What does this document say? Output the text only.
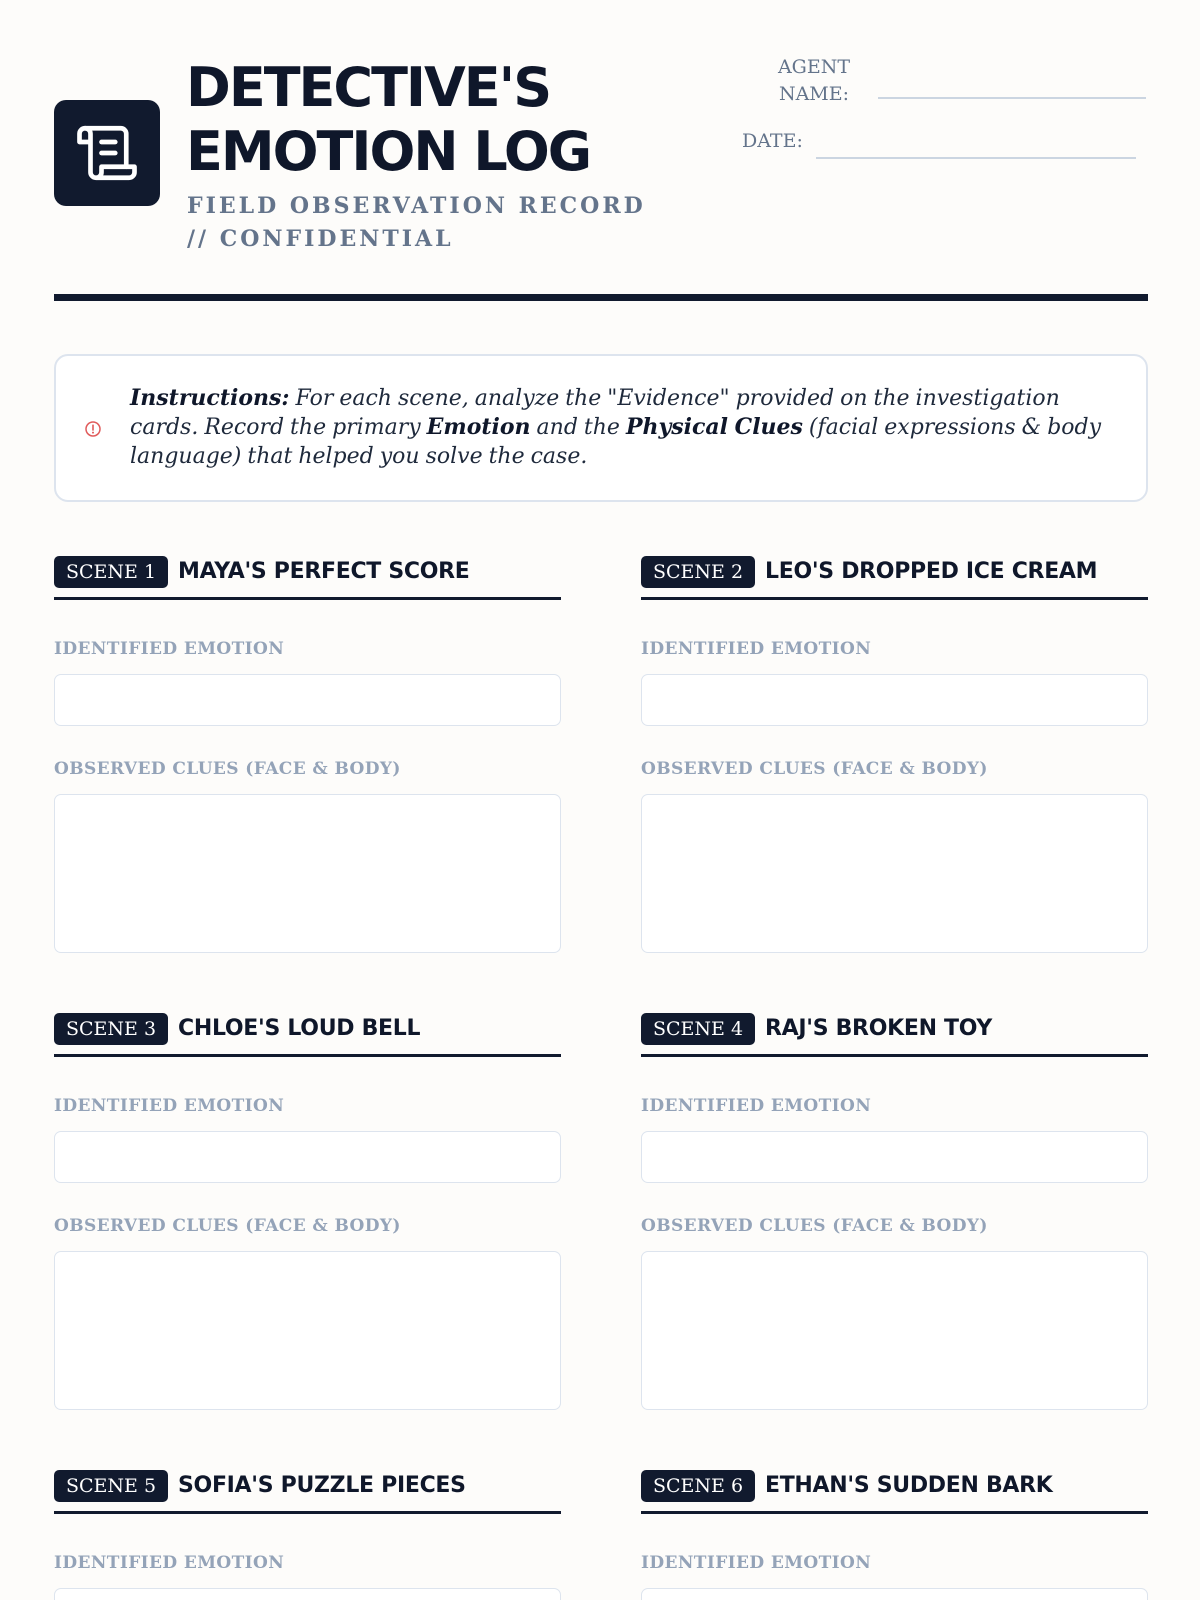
DETECTIVE'S
EMOTION LOG
FIELD OBSERVATION RECORD // CONFIDENTIAL
AGENT NAME:
DATE:

Instructions: For each scene, analyze the "Evidence" provided on the investigation cards. Record the primary Emotion and the Physical Clues (facial expressions & body language) that helped you solve the case.

SCENE 1 MAYA'S PERFECT SCORE
IDENTIFIED EMOTION
OBSERVED CLUES (FACE & BODY)
SCENE 2 LEO'S DROPPED ICE CREAM
IDENTIFIED EMOTION
OBSERVED CLUES (FACE & BODY)
SCENE 3 CHLOE'S LOUD BELL
IDENTIFIED EMOTION
OBSERVED CLUES (FACE & BODY)
SCENE 4 RAJ'S BROKEN TOY
IDENTIFIED EMOTION
OBSERVED CLUES (FACE & BODY)
SCENE 5 SOFIA'S PUZZLE PIECES
IDENTIFIED EMOTION
SCENE 6 ETHAN'S SUDDEN BARK
IDENTIFIED EMOTION
